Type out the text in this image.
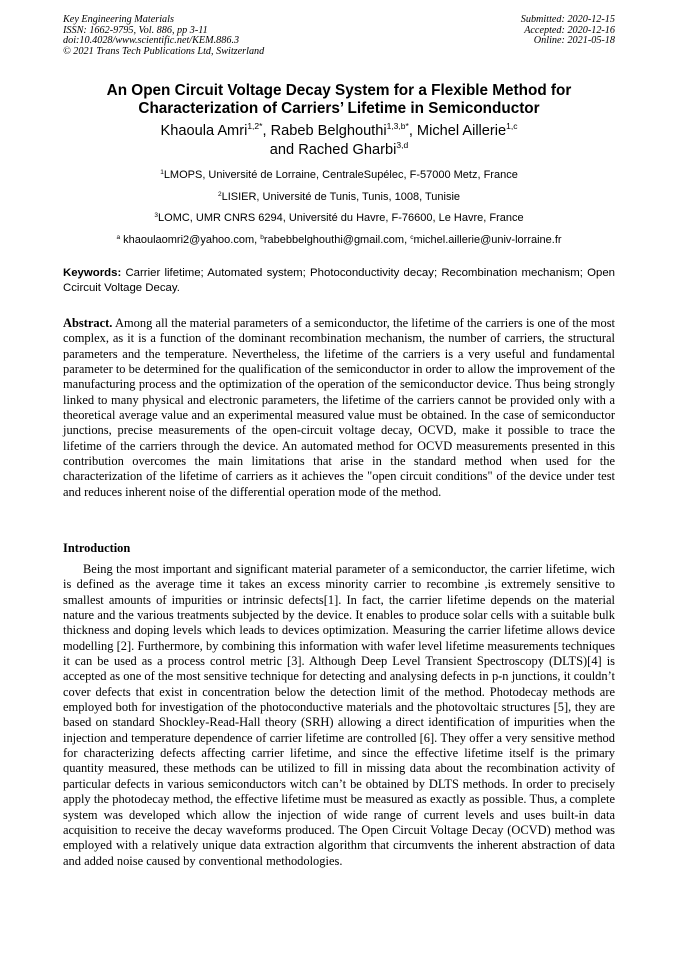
Key Engineering Materials
ISSN: 1662-9795, Vol. 886, pp 3-11
doi:10.4028/www.scientific.net/KEM.886.3
© 2021 Trans Tech Publications Ltd, Switzerland
Submitted: 2020-12-15
Accepted: 2020-12-16
Online: 2021-05-18
An Open Circuit Voltage Decay System for a Flexible Method for
Characterization of Carriers’ Lifetime in Semiconductor
Khaoula Amri$^{1,2*}$, Rabeb Belghouthi$^{1,3,b*}$, Michel Aillerie$^{1,c}$
and Rached Gharbi$^{3,d}$
$^1$LMOPS, Université de Lorraine, CentraleSupélec, F-57000 Metz, France
$^2$LISIER, Université de Tunis, Tunis, 1008, Tunisie
$^3$LOMC, UMR CNRS 6294, Université du Havre, F-76600, Le Havre, France
$^a$ khaoulaomri2@yahoo.com, $^b$rabebbelghouthi@gmail.com, $^c$michel.aillerie@univ-lorraine.fr
Keywords: Carrier lifetime; Automated system; Photoconductivity decay; Recombination mechanism; Open Ccircuit Voltage Decay.
Abstract. Among all the material parameters of a semiconductor, the lifetime of the carriers is one of the most complex, as it is a function of the dominant recombination mechanism, the number of carriers, the structural parameters and the temperature. Nevertheless, the lifetime of the carriers is a very useful and fundamental parameter to be determined for the qualification of the semiconductor in order to allow the improvement of the manufacturing process and the optimization of the operation of the semiconductor device. Thus being strongly linked to many physical and electronic parameters, the lifetime of the carriers cannot be provided only with a theoretical average value and an experimental measured value must be obtained. In the case of semiconductor junctions, precise measurements of the open-circuit voltage decay, OCVD, make it possible to trace the lifetime of the carriers through the device. An automated method for OCVD measurements presented in this contribution overcomes the main limitations that arise in the standard method when used for the characterization of the lifetime of carriers as it achieves the "open circuit conditions" of the device under test and reduces inherent noise of the differential operation mode of the method.
Introduction
Being the most important and significant material parameter of a semiconductor, the carrier lifetime, wich is defined as the average time it takes an excess minority carrier to recombine ,is extremely sensitive to smallest amounts of impurities or intrinsic defects[1]. In fact, the carrier lifetime depends on the material nature and the various treatments subjected by the device. It enables to produce solar cells with a suitable bulk thickness and doping levels which leads to devices optimization. Measuring the carrier lifetime allows device modelling [2]. Furthermore, by combining this information with wafer level lifetime measurements techniques it can be used as a process control metric [3]. Although Deep Level Transient Spectroscopy (DLTS)[4] is accepted as one of the most sensitive technique for detecting and analysing defects in p-n junctions, it couldn’t cover defects that exist in concentration below the detection limit of the method. Photodecay methods are employed both for investigation of the photoconductive materials and the photovoltaic structures [5], they are based on standard Shockley-Read-Hall theory (SRH) allowing a direct identification of impurities when the injection and temperature dependence of carrier lifetime are controlled [6]. They offer a very sensitive method for characterizing defects affecting carrier lifetime, and since the effective lifetime itself is the primary quantity measured, these methods can be utilized to fill in missing data about the recombination activity of particular defects in various semiconductors witch can’t be obtained by DLTS methods. In order to precisely apply the photodecay method, the effective lifetime must be measured as exactly as possible. Thus, a complete system was developed which allow the injection of wide range of current levels and uses built-in data acquisition to receive the decay waveforms produced. The Open Circuit Voltage Decay (OCVD) method was employed with a relatively unique data extraction algorithm that circumvents the inherent abstraction of data and added noise caused by conventional methodologies.
